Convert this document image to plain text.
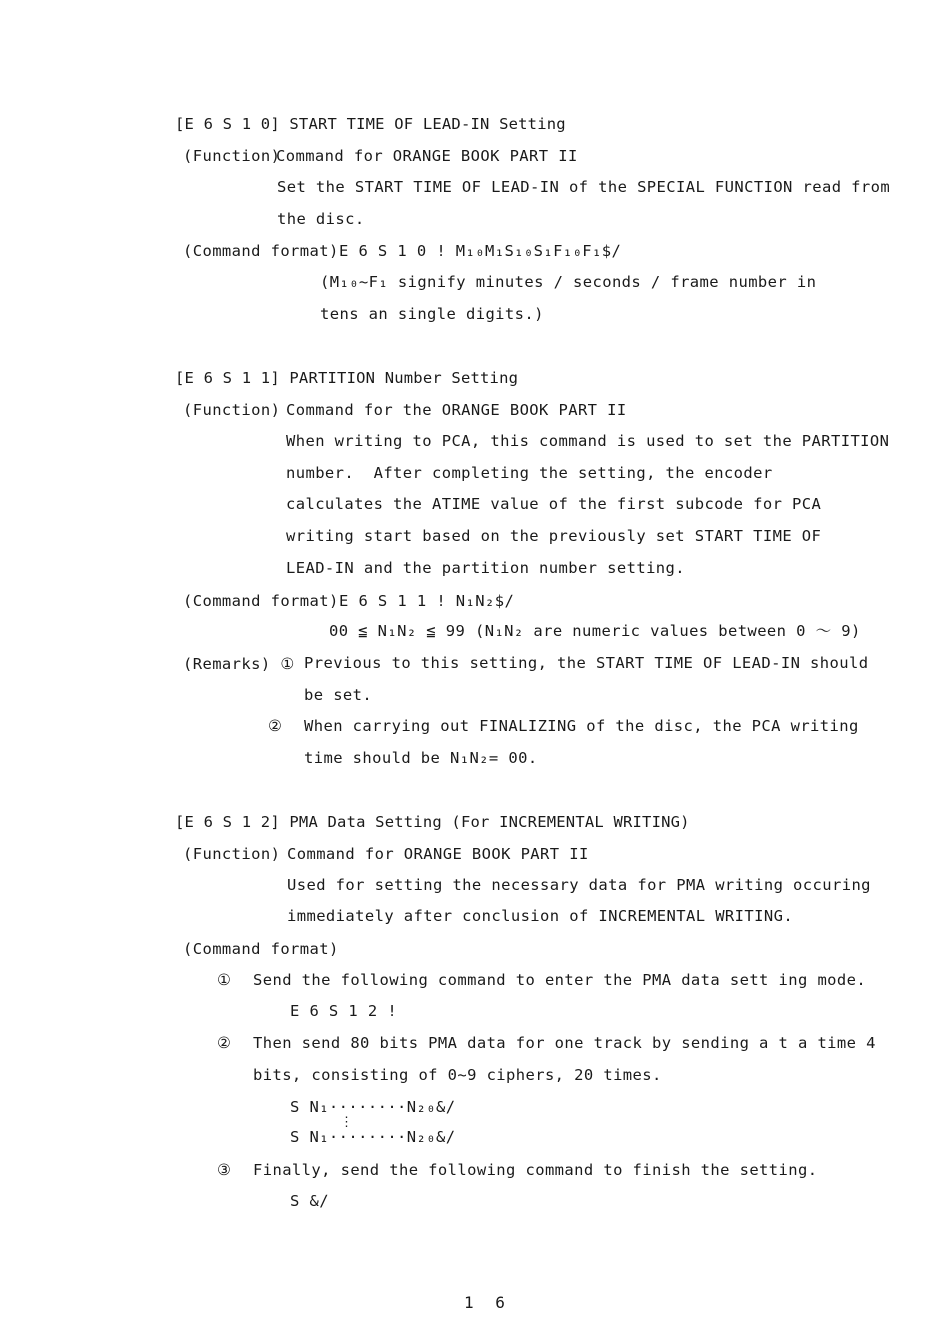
[E 6 S 1 0] START TIME OF LEAD-IN Setting
(Function)
Command for ORANGE BOOK PART II
Set the START TIME OF LEAD-IN of the SPECIAL FUNCTION read from
the disc.
(Command format) E 6 S 1 0 ! M₁₀M₁S₁₀S₁F₁₀F₁$∕
(M₁₀~F₁ signify minutes / seconds / frame number in
tens an single digits.)
[E 6 S 1 1] PARTITION Number Setting
(Function) Command for the ORANGE BOOK PART II
When writing to PCA, this command is used to set the PARTITION
number.  After completing the setting, the encoder
calculates the ATIME value of the first subcode for PCA
writing start based on the previously set START TIME OF
LEAD-IN and the partition number setting.
(Command format) E 6 S 1 1 ! N₁N₂$∕
00 ≦ N₁N₂ ≦ 99 (N₁N₂ are numeric values between 0 〜 9)
(Remarks) ① Previous to this setting, the START TIME OF LEAD-IN should
be set.
② When carrying out FINALIZING of the disc, the PCA writing
time should be N₁N₂= 00.
[E 6 S 1 2] PMA Data Setting (For INCREMENTAL WRITING)
(Function) Command for ORANGE BOOK PART II
Used for setting the necessary data for PMA writing occuring
immediately after conclusion of INCREMENTAL WRITING.
(Command format)
① Send the following command to enter the PMA data sett ing mode.
E 6 S 1 2 !
② Then send 80 bits PMA data for one track by sending a t a time 4
bits, consisting of 0~9 ciphers, 20 times.
S N₁········N₂₀&∕
⋮
S N₁········N₂₀&∕
③ Finally, send the following command to finish the setting.
S &∕
1 6
